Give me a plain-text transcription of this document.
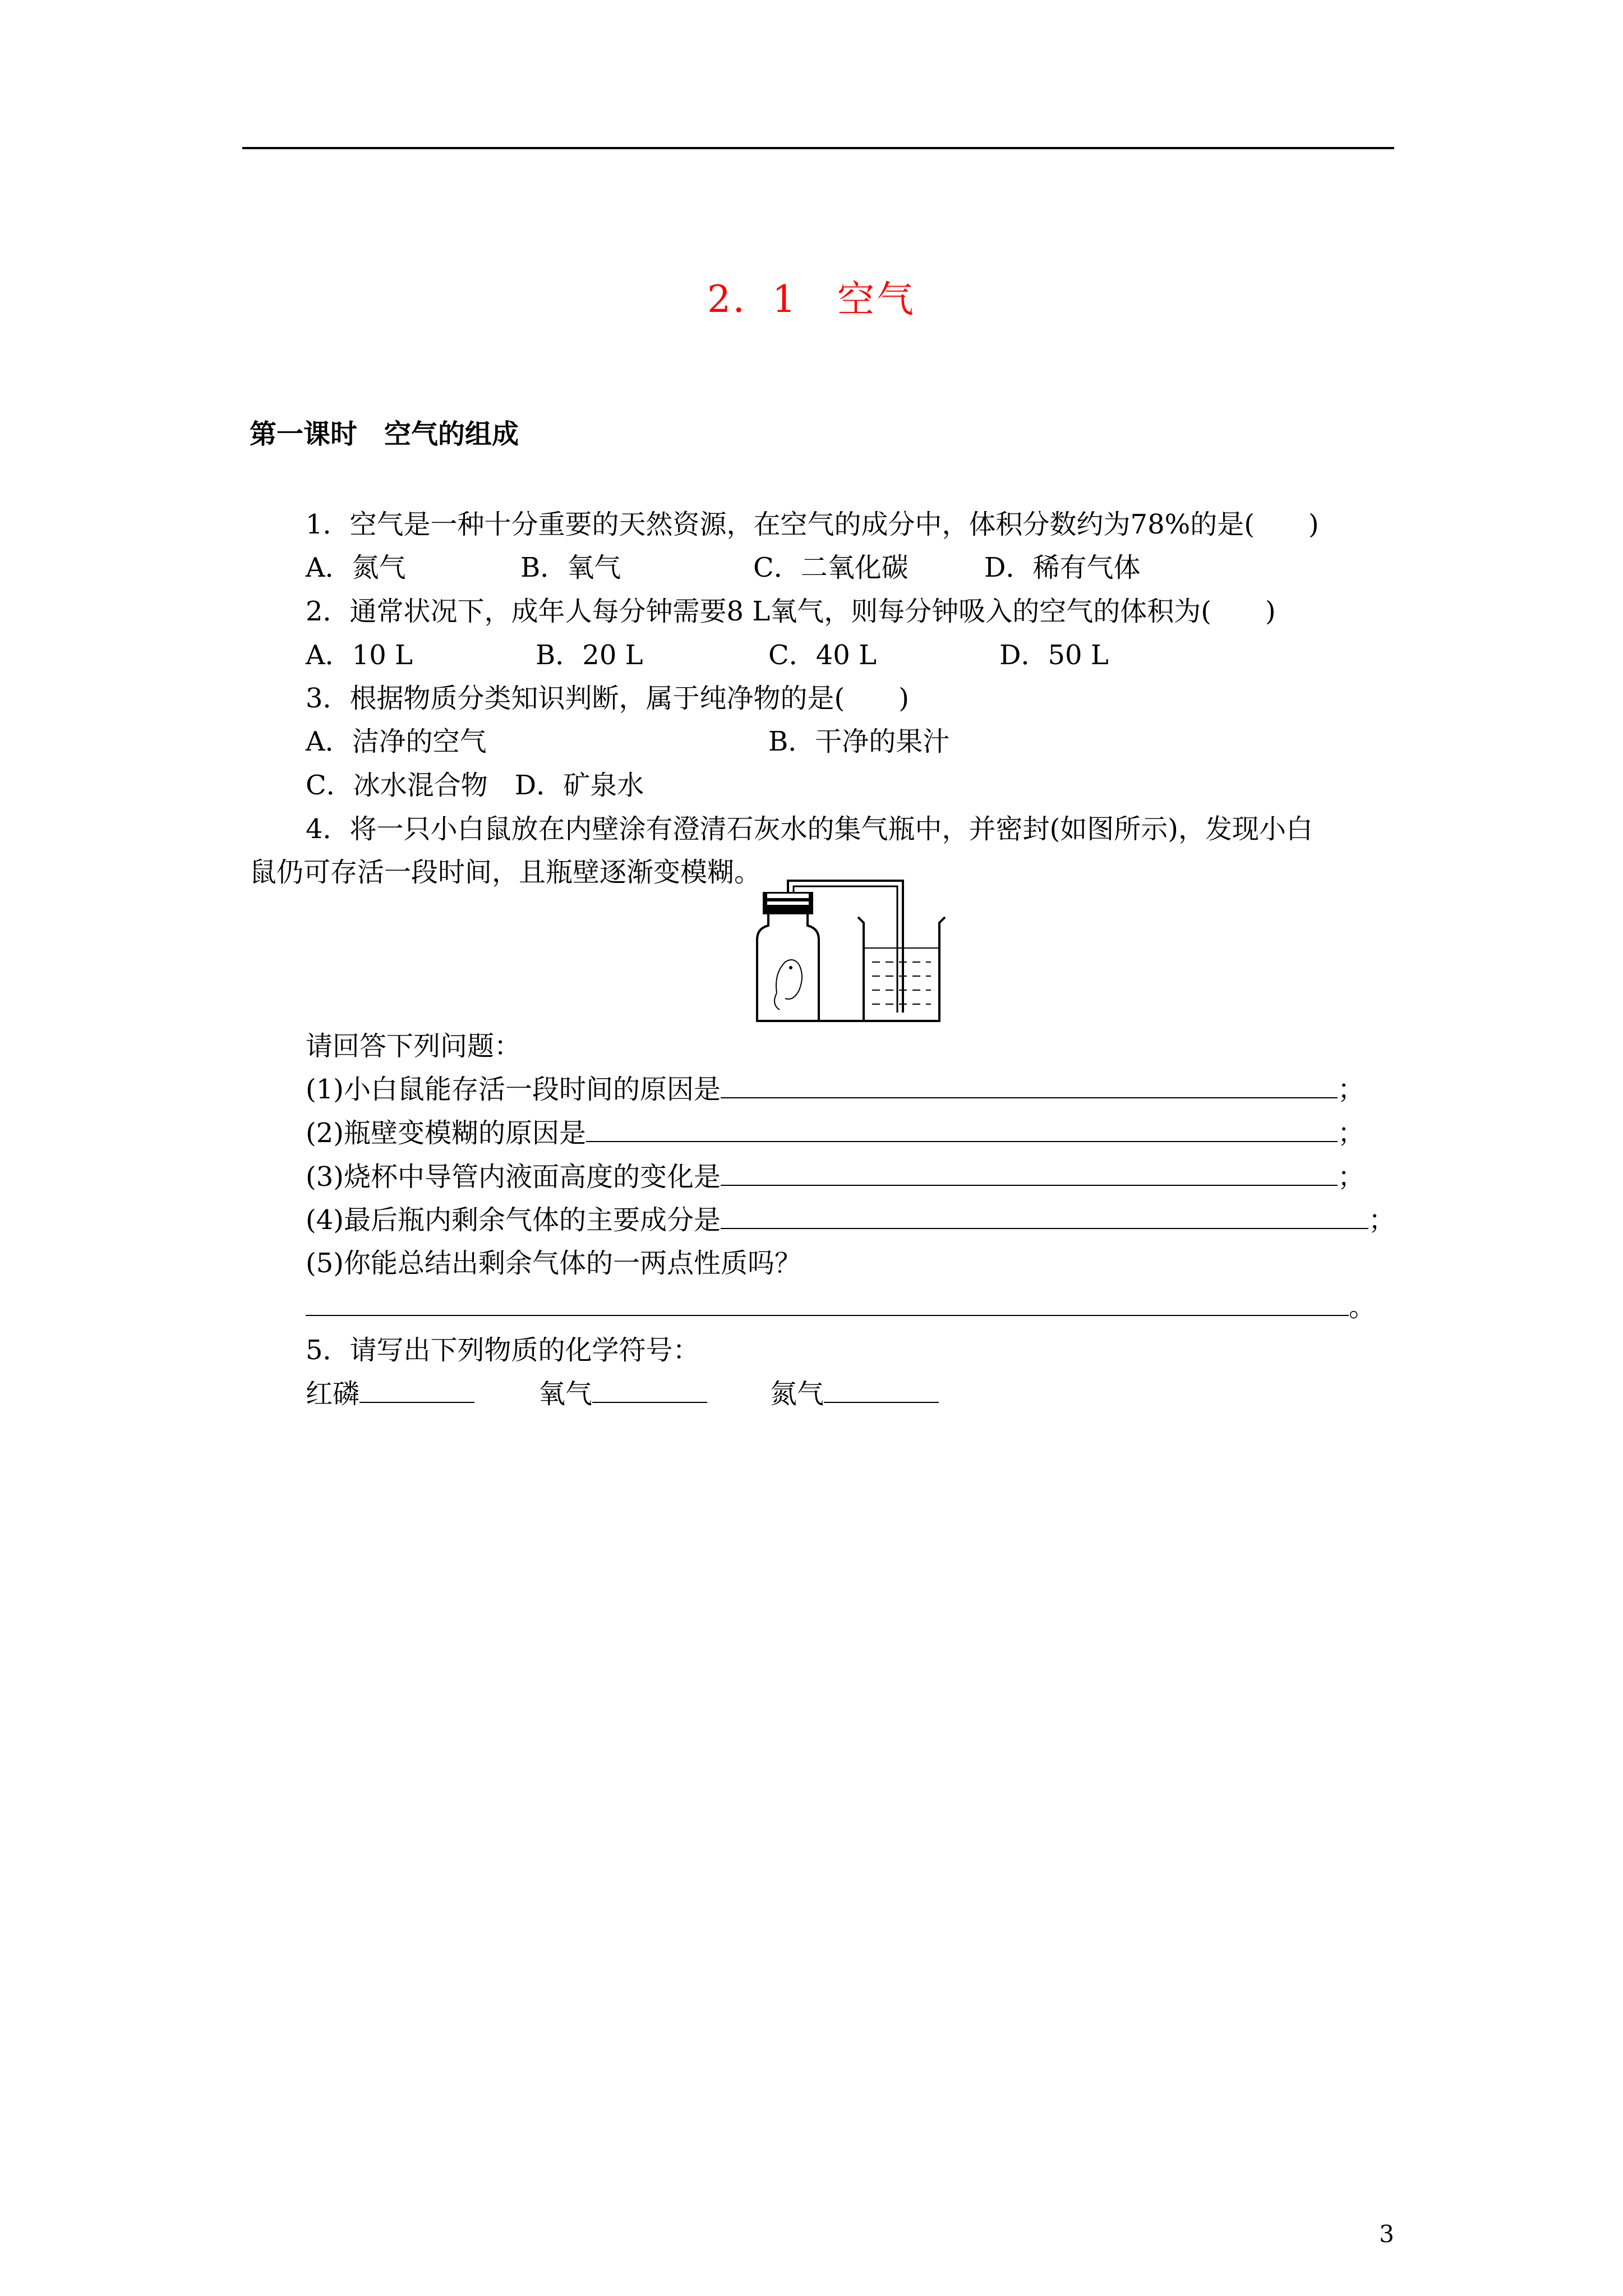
2．1　空气
第一课时　空气的组成
1．空气是一种十分重要的天然资源，在空气的成分中，体积分数约为78%的是(　　)
A．氮气	B．氧气	C．二氧化碳	D．稀有气体
2．通常状况下，成年人每分钟需要8 L氧气，则每分钟吸入的空气的体积为(　　)
A．10 L	B．20 L	C．40 L	D．50 L
3．根据物质分类知识判断，属于纯净物的是(　　)
A．洁净的空气	B．干净的果汁
C．冰水混合物　D．矿泉水
4．将一只小白鼠放在内壁涂有澄清石灰水的集气瓶中，并密封(如图所示)，发现小白
鼠仍可存活一段时间，且瓶壁逐渐变模糊。
请回答下列问题：
(1)小白鼠能存活一段时间的原因是	；
(2)瓶壁变模糊的原因是	；
(3)烧杯中导管内液面高度的变化是	；
(4)最后瓶内剩余气体的主要成分是	；
(5)你能总结出剩余气体的一两点性质吗？
。
5．请写出下列物质的化学符号：
红磷	氧气	氮气
3
